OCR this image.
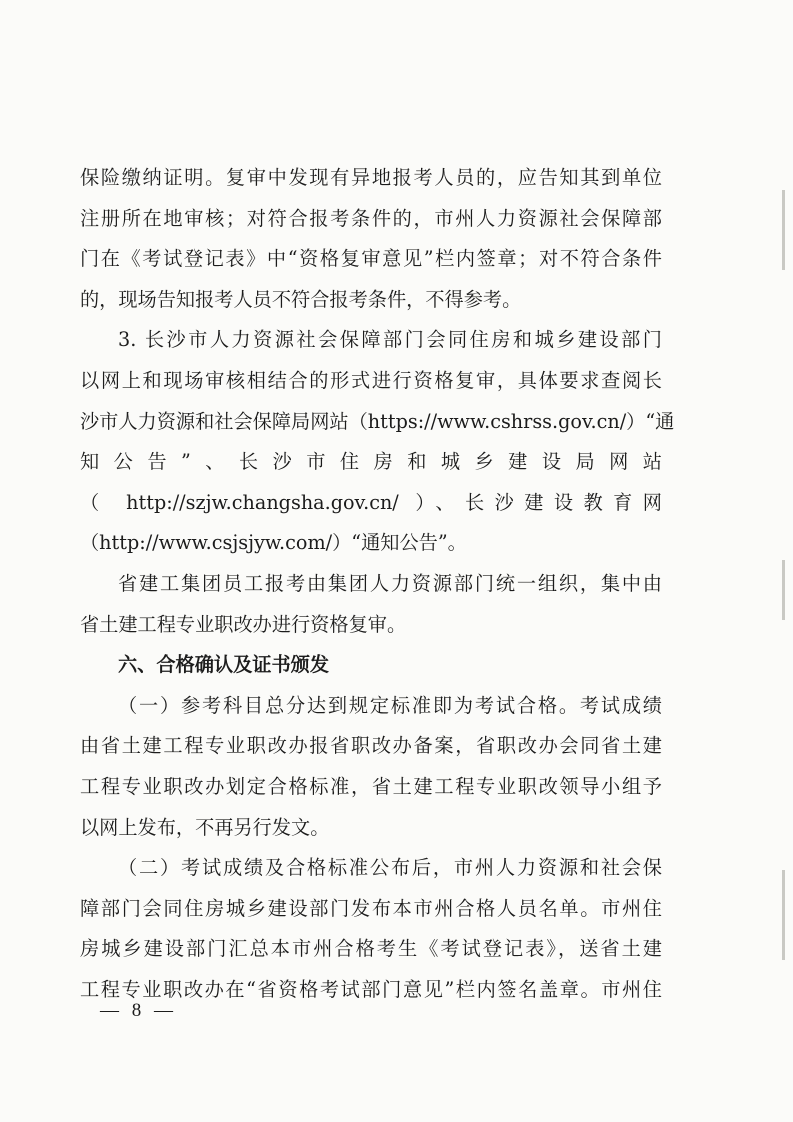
保险缴纳证明。复审中发现有异地报考人员的，应告知其到单位
注册所在地审核；对符合报考条件的，市州人力资源社会保障部
门在《考试登记表》中“资格复审意见”栏内签章；对不符合条件
的，现场告知报考人员不符合报考条件，不得参考。
3. 长沙市人力资源社会保障部门会同住房和城乡建设部门
以网上和现场审核相结合的形式进行资格复审，具体要求查阅长
沙市人力资源和社会保障局网站（https://www.cshrss.gov.cn/）“通
知公告”、长沙市住房和城乡建设局网站
（ http://szjw.changsha.gov.cn/ ）、长沙建设教育网
（http://www.csjsjyw.com/）“通知公告”。
省建工集团员工报考由集团人力资源部门统一组织，集中由
省土建工程专业职改办进行资格复审。
六、合格确认及证书颁发
（一）参考科目总分达到规定标准即为考试合格。考试成绩
由省土建工程专业职改办报省职改办备案，省职改办会同省土建
工程专业职改办划定合格标准，省土建工程专业职改领导小组予
以网上发布，不再另行发文。
（二）考试成绩及合格标准公布后，市州人力资源和社会保
障部门会同住房城乡建设部门发布本市州合格人员名单。市州住
房城乡建设部门汇总本市州合格考生《考试登记表》，送省土建
工程专业职改办在“省资格考试部门意见”栏内签名盖章。市州住
— 8 —
